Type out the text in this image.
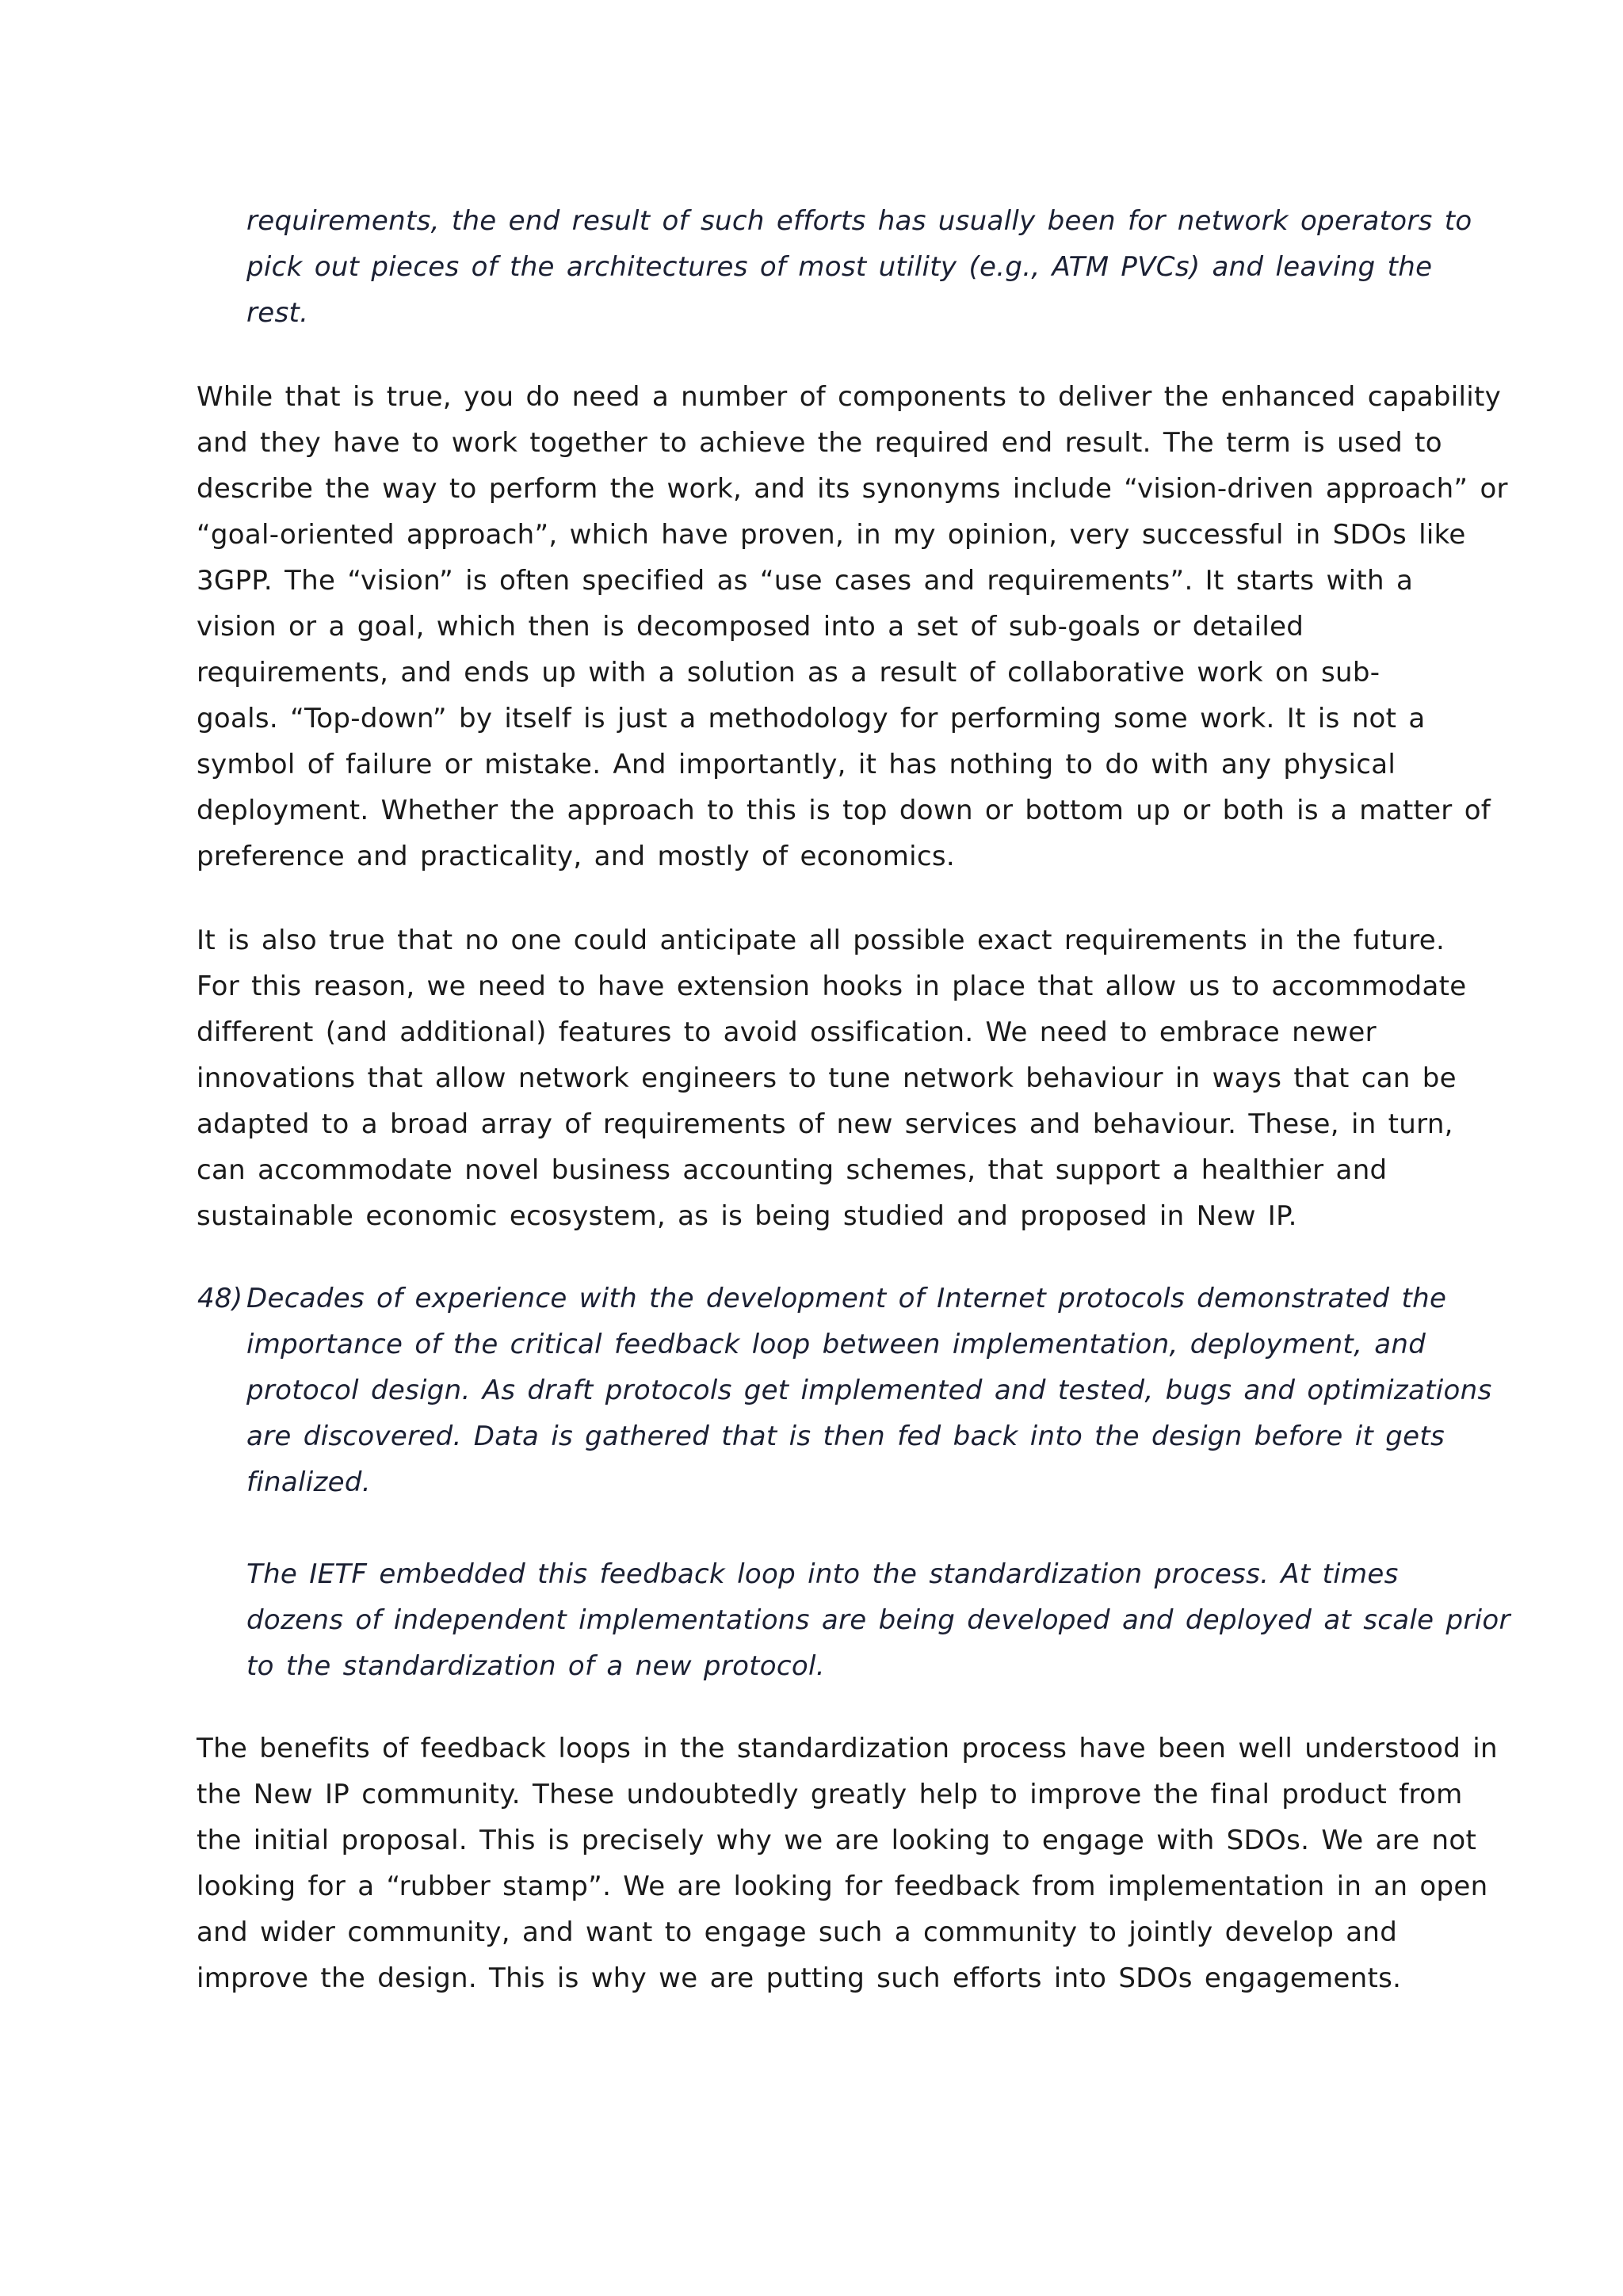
requirements, the end result of such efforts has usually been for network operators to
pick out pieces of the architectures of most utility (e.g., ATM PVCs) and leaving the
rest.
While that is true, you do need a number of components to deliver the enhanced capability
and they have to work together to achieve the required end result. The term is used to
describe the way to perform the work, and its synonyms include “vision-driven approach” or
“goal-oriented approach”, which have proven, in my opinion, very successful in SDOs like
3GPP. The “vision” is often specified as “use cases and requirements”. It starts with a
vision or a goal, which then is decomposed into a set of sub-goals or detailed
requirements, and ends up with a solution as a result of collaborative work on sub-
goals. “Top-down” by itself is just a methodology for performing some work. It is not a
symbol of failure or mistake. And importantly, it has nothing to do with any physical
deployment. Whether the approach to this is top down or bottom up or both is a matter of
preference and practicality, and mostly of economics.
It is also true that no one could anticipate all possible exact requirements in the future.
For this reason, we need to have extension hooks in place that allow us to accommodate
different (and additional) features to avoid ossification. We need to embrace newer
innovations that allow network engineers to tune network behaviour in ways that can be
adapted to a broad array of requirements of new services and behaviour. These, in turn,
can accommodate novel business accounting schemes, that support a healthier and
sustainable economic ecosystem, as is being studied and proposed in New IP.
48) Decades of experience with the development of Internet protocols demonstrated the
importance of the critical feedback loop between implementation, deployment, and
protocol design. As draft protocols get implemented and tested, bugs and optimizations
are discovered. Data is gathered that is then fed back into the design before it gets
finalized.
The IETF embedded this feedback loop into the standardization process. At times
dozens of independent implementations are being developed and deployed at scale prior
to the standardization of a new protocol.
The benefits of feedback loops in the standardization process have been well understood in
the New IP community. These undoubtedly greatly help to improve the final product from
the initial proposal. This is precisely why we are looking to engage with SDOs. We are not
looking for a “rubber stamp”. We are looking for feedback from implementation in an open
and wider community, and want to engage such a community to jointly develop and
improve the design. This is why we are putting such efforts into SDOs engagements.
